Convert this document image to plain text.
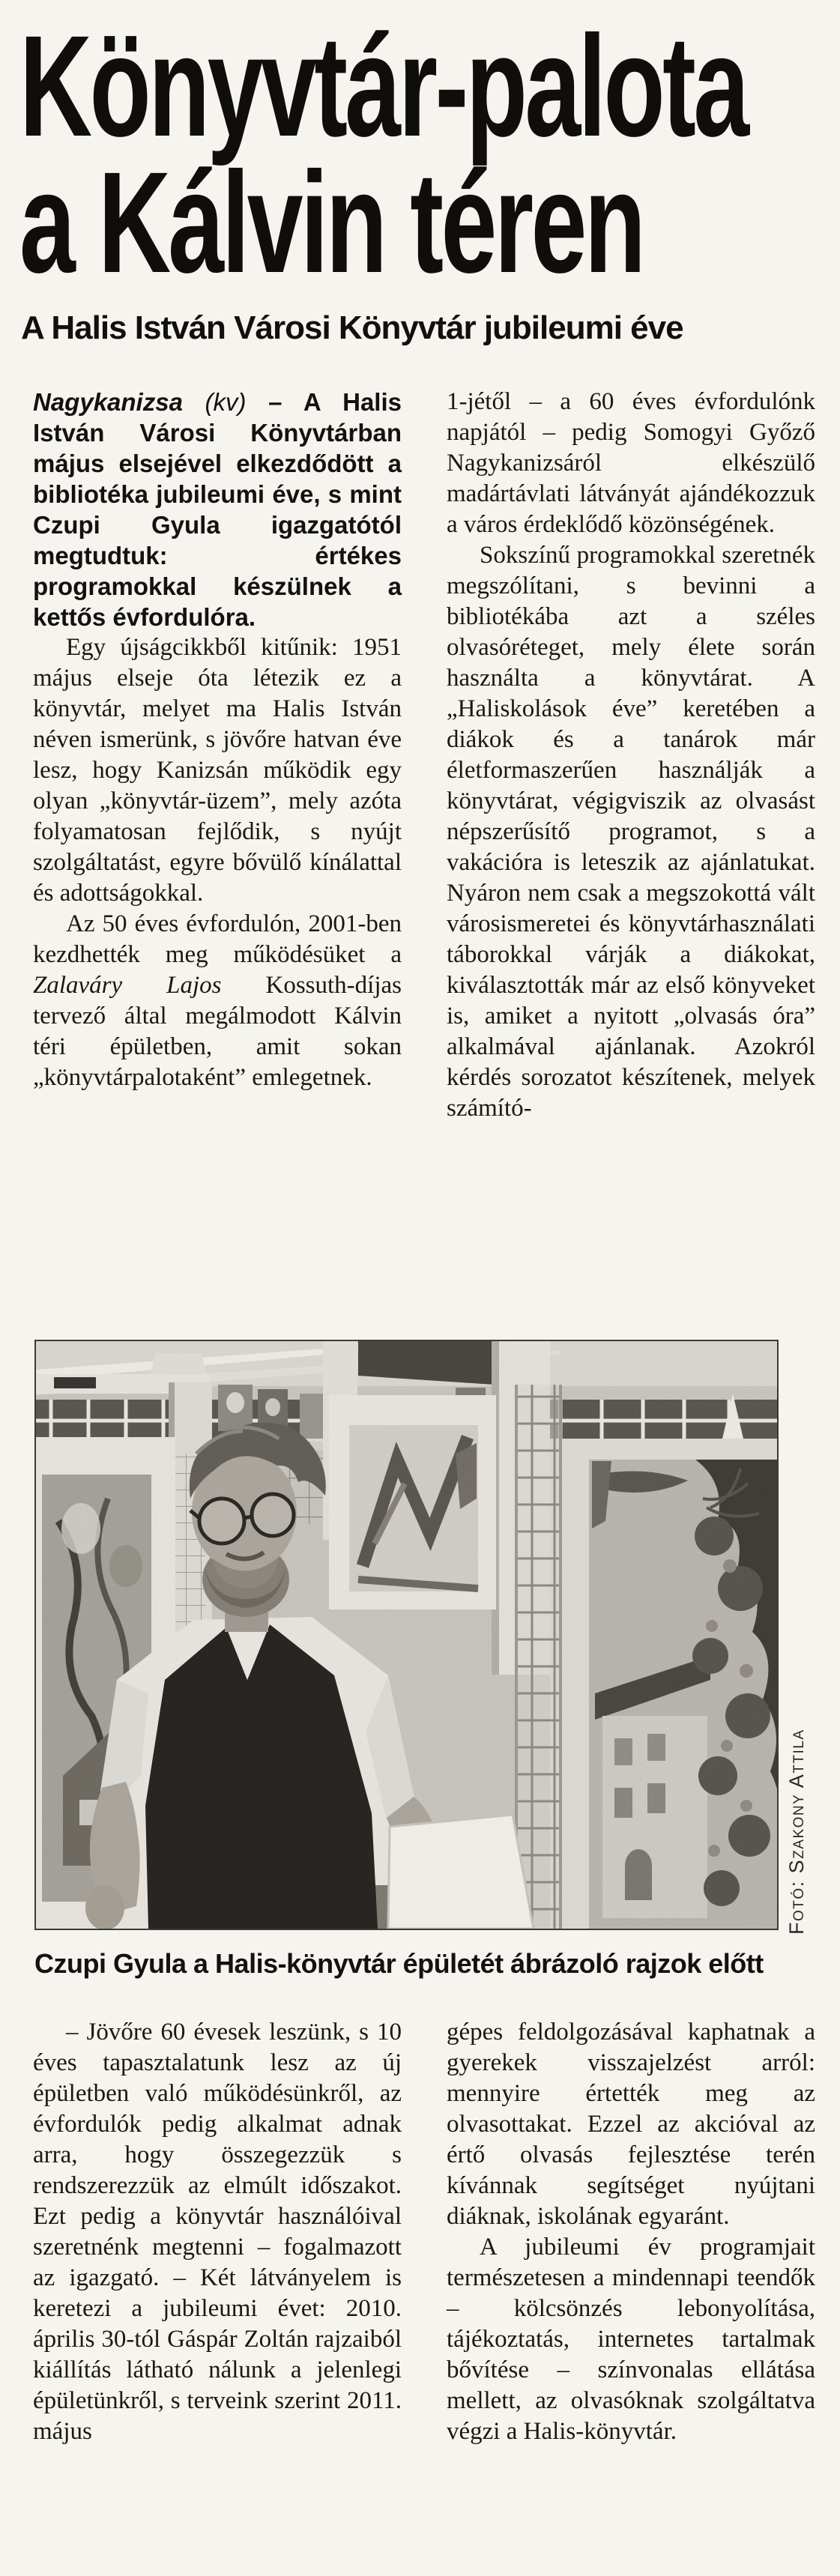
Könyvtár-palota
a Kálvin téren
A Halis István Városi Könyvtár jubileumi éve

Nagykanizsa (kv) – A Halis István Városi Könyvtárban május elsejével elkezdődött a bibliotéka jubileumi éve, s mint Czupi Gyula igazgatótól megtudtuk: értékes programokkal készülnek a kettős évfordulóra.

Egy újságcikkből kitűnik: 1951 május elseje óta létezik ez a könyvtár, melyet ma Halis István néven ismerünk, s jövőre hatvan éve lesz, hogy Kanizsán működik egy olyan „könyvtár-üzem”, mely azóta folyamatosan fejlődik, s nyújt szolgáltatást, egyre bővülő kínálattal és adottságokkal.

Az 50 éves évfordulón, 2001-ben kezdhették meg működésüket a Zalaváry Lajos Kossuth-díjas tervező által megálmodott Kálvin téri épületben, amit sokan „könyvtárpalotaként” emlegetnek.

1-jétől – a 60 éves évfordulónk napjától – pedig Somogyi Győző Nagykanizsáról elkészülő madártávlati látványát ajándékozzuk a város érdeklődő közönségének.

Sokszínű programokkal szeretnék megszólítani, s bevinni a bibliotékába azt a széles olvasóréteget, mely élete során használta a könyvtárat. A „Haliskolások éve” keretében a diákok és a tanárok már életformaszerűen használják a könyvtárat, végigviszik az olvasást népszerűsítő programot, s a vakációra is leteszik az ajánlatukat. Nyáron nem csak a megszokottá vált városismeretei és könyvtárhasználati táborokkal várják a diákokat, kiválasztották már az első könyveket is, amiket a nyitott „olvasás óra” alkalmával ajánlanak. Azokról kérdés sorozatot készítenek, melyek számító-

Fotó: Szakony Attila

Czupi Gyula a Halis-könyvtár épületét ábrázoló rajzok előtt

– Jövőre 60 évesek leszünk, s 10 éves tapasztalatunk lesz az új épületben való működésünkről, az évfordulók pedig alkalmat adnak arra, hogy összegezzük s rendszerezzük az elmúlt időszakot. Ezt pedig a könyvtár használóival szeretnénk megtenni – fogalmazott az igazgató. – Két látványelem is keretezi a jubileumi évet: 2010. április 30-tól Gáspár Zoltán rajzaiból kiállítás látható nálunk a jelenlegi épületünkről, s terveink szerint 2011. május

gépes feldolgozásával kaphatnak a gyerekek visszajelzést arról: mennyire értették meg az olvasottakat. Ezzel az akcióval az értő olvasás fejlesztése terén kívánnak segítséget nyújtani diáknak, iskolának egyaránt.

A jubileumi év programjait természetesen a mindennapi teendők – kölcsönzés lebonyolítása, tájékoztatás, internetes tartalmak bővítése – színvonalas ellátása mellett, az olvasóknak szolgáltatva végzi a Halis-könyvtár.
